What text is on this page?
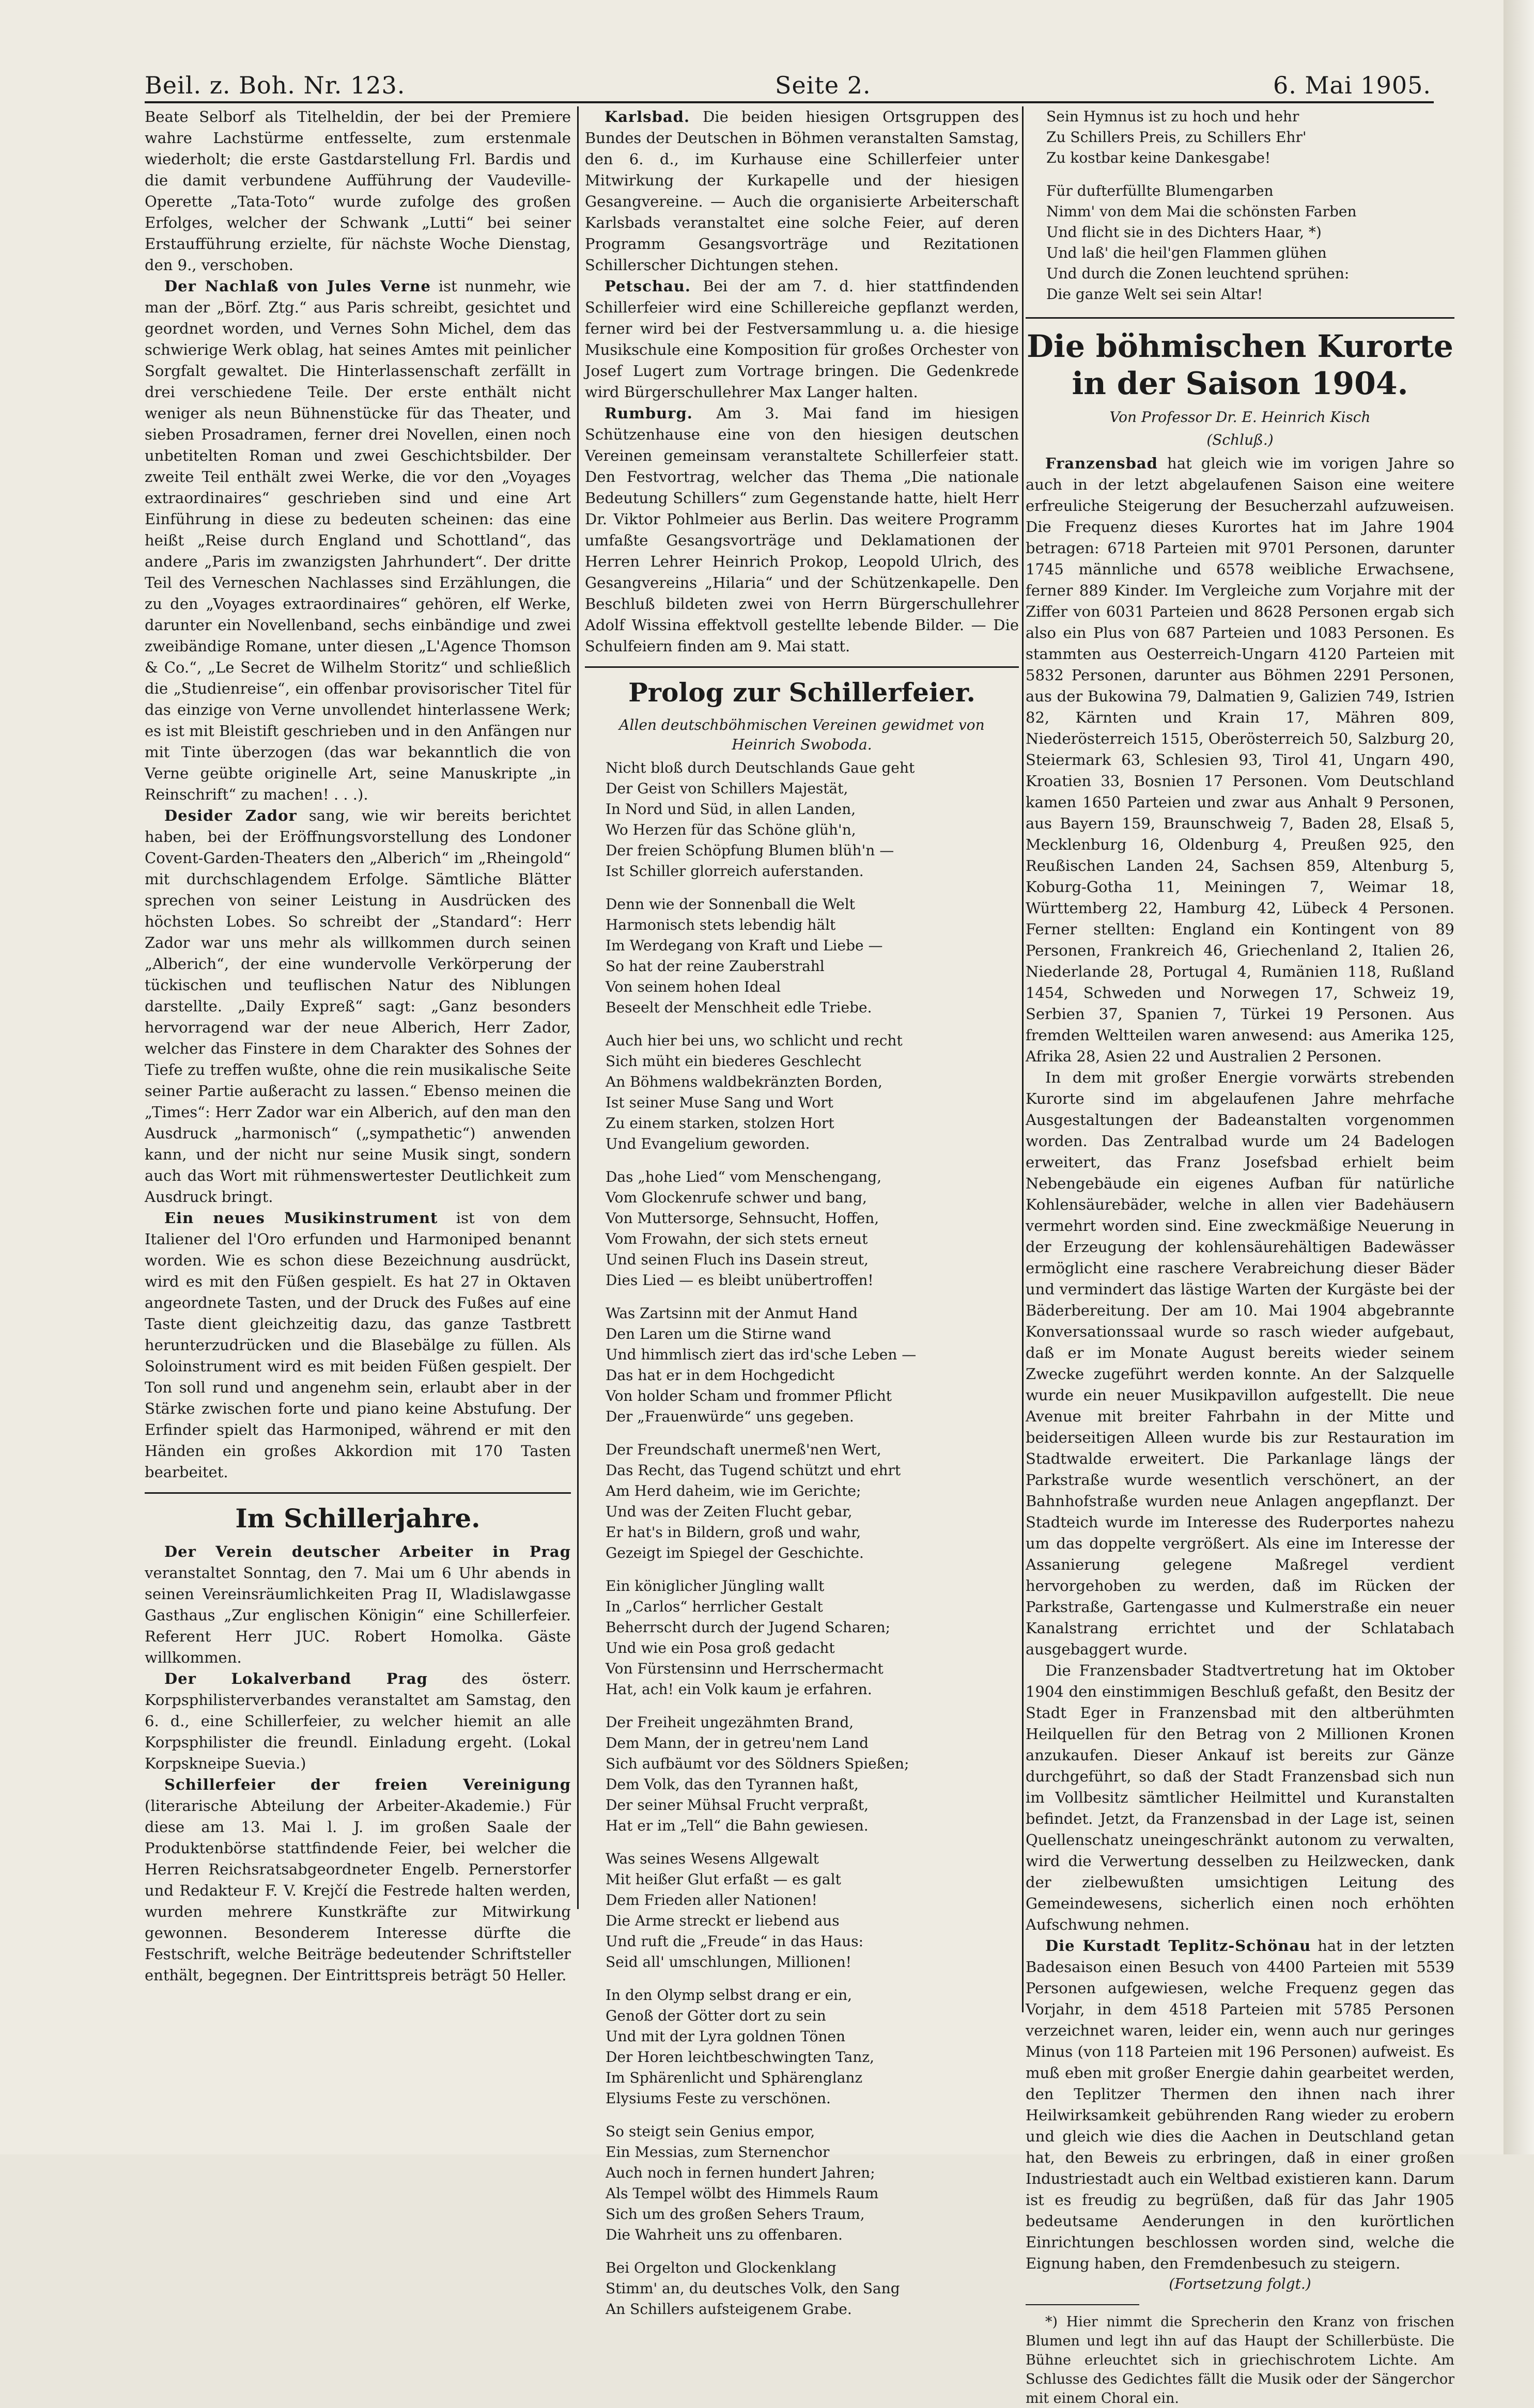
Beil. z. Boh. Nr. 123.	Seite 2.	6. Mai 1905.

Beate Selborf als Titelheldin, der bei der Premiere wahre Lachstürme entfesselte, zum erstenmale wiederholt; die erste Gastdarstellung Frl. Bardis und die damit verbundene Aufführung der Vaudeville-Operette „Tata-Toto“ wurde zufolge des großen Erfolges, welcher der Schwank „Lutti“ bei seiner Erstaufführung erzielte, für nächste Woche Dienstag, den 9., verschoben.

Der Nachlaß von Jules Verne ist nunmehr, wie man der „Börf. Ztg.“ aus Paris schreibt, gesichtet und geordnet worden, und Vernes Sohn Michel, dem das schwierige Werk oblag, hat seines Amtes mit peinlicher Sorgfalt gewaltet. Die Hinterlassenschaft zerfällt in drei verschiedene Teile. Der erste enthält nicht weniger als neun Bühnenstücke für das Theater, und sieben Prosadramen, ferner drei Novellen, einen noch unbetitelten Roman und zwei Geschichtsbilder. Der zweite Teil enthält zwei Werke, die vor den „Voyages extraordinaires“ geschrieben sind und eine Art Einführung in diese zu bedeuten scheinen: das eine heißt „Reise durch England und Schottland“, das andere „Paris im zwanzigsten Jahrhundert“. Der dritte Teil des Verneschen Nachlasses sind Erzählungen, die zu den „Voyages extraordinaires“ gehören, elf Werke, darunter ein Novellenband, sechs einbändige und zwei zweibändige Romane, unter diesen „L'Agence Thomson & Co.“, „Le Secret de Wilhelm Storitz“ und schließlich die „Studienreise“, ein offenbar provisorischer Titel für das einzige von Verne unvollendet hinterlassene Werk; es ist mit Bleistift geschrieben und in den Anfängen nur mit Tinte überzogen (das war bekanntlich die von Verne geübte originelle Art, seine Manuskripte „in Reinschrift“ zu machen! . . .).

Desider Zador sang, wie wir bereits berichtet haben, bei der Eröffnungsvorstellung des Londoner Covent-Garden-Theaters den „Alberich“ im „Rheingold“ mit durchschlagendem Erfolge. Sämtliche Blätter sprechen von seiner Leistung in Ausdrücken des höchsten Lobes. So schreibt der „Standard“: Herr Zador war uns mehr als willkommen durch seinen „Alberich“, der eine wundervolle Verkörperung der tückischen und teuflischen Natur des Niblungen darstellte. „Daily Expreß“ sagt: „Ganz besonders hervorragend war der neue Alberich, Herr Zador, welcher das Finstere in dem Charakter des Sohnes der Tiefe zu treffen wußte, ohne die rein musikalische Seite seiner Partie außeracht zu lassen.“ Ebenso meinen die „Times“: Herr Zador war ein Alberich, auf den man den Ausdruck „harmonisch“ („sympathetic“) anwenden kann, und der nicht nur seine Musik singt, sondern auch das Wort mit rühmenswertester Deutlichkeit zum Ausdruck bringt.

Ein neues Musikinstrument ist von dem Italiener del l'Oro erfunden und Harmoniped benannt worden. Wie es schon diese Bezeichnung ausdrückt, wird es mit den Füßen gespielt. Es hat 27 in Oktaven angeordnete Tasten, und der Druck des Fußes auf eine Taste dient gleichzeitig dazu, das ganze Tastbrett herunterzudrücken und die Blasebälge zu füllen. Als Soloinstrument wird es mit beiden Füßen gespielt. Der Ton soll rund und angenehm sein, erlaubt aber in der Stärke zwischen forte und piano keine Abstufung. Der Erfinder spielt das Harmoniped, während er mit den Händen ein großes Akkordion mit 170 Tasten bearbeitet.

Im Schillerjahre.

Der Verein deutscher Arbeiter in Prag veranstaltet Sonntag, den 7. Mai um 6 Uhr abends in seinen Vereinsräumlichkeiten Prag II, Wladislawgasse Gasthaus „Zur englischen Königin“ eine Schillerfeier. Referent Herr JUC. Robert Homolka. Gäste willkommen.

Der Lokalverband Prag des österr. Korpsphilisterverbandes veranstaltet am Samstag, den 6. d., eine Schillerfeier, zu welcher hiemit an alle Korpsphilister die freundl. Einladung ergeht. (Lokal Korpskneipe Suevia.)

Schillerfeier der freien Vereinigung (literarische Abteilung der Arbeiter-Akademie.) Für diese am 13. Mai l. J. im großen Saale der Produktenbörse stattfindende Feier, bei welcher die Herren Reichsratsabgeordneter Engelb. Pernerstorfer und Redakteur F. V. Krejčí die Festrede halten werden, wurden mehrere Kunstkräfte zur Mitwirkung gewonnen. Besonderem Interesse dürfte die Festschrift, welche Beiträge bedeutender Schriftsteller enthält, begegnen. Der Eintrittspreis beträgt 50 Heller.

Karlsbad. Die beiden hiesigen Ortsgruppen des Bundes der Deutschen in Böhmen veranstalten Samstag, den 6. d., im Kurhause eine Schillerfeier unter Mitwirkung der Kurkapelle und der hiesigen Gesangvereine. — Auch die organisierte Arbeiterschaft Karlsbads veranstaltet eine solche Feier, auf deren Programm Gesangsvorträge und Rezitationen Schillerscher Dichtungen stehen.

Petschau. Bei der am 7. d. hier stattfindenden Schillerfeier wird eine Schillereiche gepflanzt werden, ferner wird bei der Festversammlung u. a. die hiesige Musikschule eine Komposition für großes Orchester von Josef Lugert zum Vortrage bringen. Die Gedenkrede wird Bürgerschullehrer Max Langer halten.

Rumburg. Am 3. Mai fand im hiesigen Schützenhause eine von den hiesigen deutschen Vereinen gemeinsam veranstaltete Schillerfeier statt. Den Festvortrag, welcher das Thema „Die nationale Bedeutung Schillers“ zum Gegenstande hatte, hielt Herr Dr. Viktor Pohlmeier aus Berlin. Das weitere Programm umfaßte Gesangsvorträge und Deklamationen der Herren Lehrer Heinrich Prokop, Leopold Ulrich, des Gesangvereins „Hilaria“ und der Schützenkapelle. Den Beschluß bildeten zwei von Herrn Bürgerschullehrer Adolf Wissina effektvoll gestellte lebende Bilder. — Die Schulfeiern finden am 9. Mai statt.

Prolog zur Schillerfeier.
Allen deutschböhmischen Vereinen gewidmet von Heinrich Swoboda.
Nicht bloß durch Deutschlands Gaue geht
Der Geist von Schillers Majestät,
In Nord und Süd, in allen Landen,
Wo Herzen für das Schöne glüh'n,
Der freien Schöpfung Blumen blüh'n —
Ist Schiller glorreich auferstanden.
Denn wie der Sonnenball die Welt
Harmonisch stets lebendig hält
Im Werdegang von Kraft und Liebe —
So hat der reine Zauberstrahl
Von seinem hohen Ideal
Beseelt der Menschheit edle Triebe.
Auch hier bei uns, wo schlicht und recht
Sich müht ein biederes Geschlecht
An Böhmens waldbekränzten Borden,
Ist seiner Muse Sang und Wort
Zu einem starken, stolzen Hort
Und Evangelium geworden.
Das „hohe Lied“ vom Menschengang,
Vom Glockenrufe schwer und bang,
Von Muttersorge, Sehnsucht, Hoffen,
Vom Frowahn, der sich stets erneut
Und seinen Fluch ins Dasein streut,
Dies Lied — es bleibt unübertroffen!
Was Zartsinn mit der Anmut Hand
Den Laren um die Stirne wand
Und himmlisch ziert das ird'sche Leben —
Das hat er in dem Hochgedicht
Von holder Scham und frommer Pflicht
Der „Frauenwürde“ uns gegeben.
Der Freundschaft unermeß'nen Wert,
Das Recht, das Tugend schützt und ehrt
Am Herd daheim, wie im Gerichte;
Und was der Zeiten Flucht gebar,
Er hat's in Bildern, groß und wahr,
Gezeigt im Spiegel der Geschichte.
Ein königlicher Jüngling wallt
In „Carlos“ herrlicher Gestalt
Beherrscht durch der Jugend Scharen;
Und wie ein Posa groß gedacht
Von Fürstensinn und Herrschermacht
Hat, ach! ein Volk kaum je erfahren.
Der Freiheit ungezähmten Brand,
Dem Mann, der in getreu'nem Land
Sich aufbäumt vor des Söldners Spießen;
Dem Volk, das den Tyrannen haßt,
Der seiner Mühsal Frucht verpraßt,
Hat er im „Tell“ die Bahn gewiesen.
Was seines Wesens Allgewalt
Mit heißer Glut erfaßt — es galt
Dem Frieden aller Nationen!
Die Arme streckt er liebend aus
Und ruft die „Freude“ in das Haus:
Seid all' umschlungen, Millionen!
In den Olymp selbst drang er ein,
Genoß der Götter dort zu sein
Und mit der Lyra goldnen Tönen
Der Horen leichtbeschwingten Tanz,
Im Sphärenlicht und Sphärenglanz
Elysiums Feste zu verschönen.
So steigt sein Genius empor,
Ein Messias, zum Sternenchor
Auch noch in fernen hundert Jahren;
Als Tempel wölbt des Himmels Raum
Sich um des großen Sehers Traum,
Die Wahrheit uns zu offenbaren.
Bei Orgelton und Glockenklang
Stimm' an, du deutsches Volk, den Sang
An Schillers aufsteigenem Grabe.
Sein Hymnus ist zu hoch und hehr
Zu Schillers Preis, zu Schillers Ehr'
Zu kostbar keine Dankesgabe!
Für dufterfüllte Blumengarben
Nimm' von dem Mai die schönsten Farben
Und flicht sie in des Dichters Haar, *)
Und laß' die heil'gen Flammen glühen
Und durch die Zonen leuchtend sprühen:
Die ganze Welt sei sein Altar!
Die böhmischen Kurorte in der Saison 1904.
Von Professor Dr. E. Heinrich Kisch
(Schluß.)

Franzensbad hat gleich wie im vorigen Jahre so auch in der letzt abgelaufenen Saison eine weitere erfreuliche Steigerung der Besucherzahl aufzuweisen. Die Frequenz dieses Kurortes hat im Jahre 1904 betragen: 6718 Parteien mit 9701 Personen, darunter 1745 männliche und 6578 weibliche Erwachsene, ferner 889 Kinder. Im Vergleiche zum Vorjahre mit der Ziffer von 6031 Parteien und 8628 Personen ergab sich also ein Plus von 687 Parteien und 1083 Personen. Es stammten aus Oesterreich-Ungarn 4120 Parteien mit 5832 Personen, darunter aus Böhmen 2291 Personen, aus der Bukowina 79, Dalmatien 9, Galizien 749, Istrien 82, Kärnten und Krain 17, Mähren 809, Niederösterreich 1515, Oberösterreich 50, Salzburg 20, Steiermark 63, Schlesien 93, Tirol 41, Ungarn 490, Kroatien 33, Bosnien 17 Personen. Vom Deutschland kamen 1650 Parteien und zwar aus Anhalt 9 Personen, aus Bayern 159, Braunschweig 7, Baden 28, Elsaß 5, Mecklenburg 16, Oldenburg 4, Preußen 925, den Reußischen Landen 24, Sachsen 859, Altenburg 5, Koburg-Gotha 11, Meiningen 7, Weimar 18, Württemberg 22, Hamburg 42, Lübeck 4 Personen. Ferner stellten: England ein Kontingent von 89 Personen, Frankreich 46, Griechenland 2, Italien 26, Niederlande 28, Portugal 4, Rumänien 118, Rußland 1454, Schweden und Norwegen 17, Schweiz 19, Serbien 37, Spanien 7, Türkei 19 Personen. Aus fremden Weltteilen waren anwesend: aus Amerika 125, Afrika 28, Asien 22 und Australien 2 Personen.

In dem mit großer Energie vorwärts strebenden Kurorte sind im abgelaufenen Jahre mehrfache Ausgestaltungen der Badeanstalten vorgenommen worden. Das Zentralbad wurde um 24 Badelogen erweitert, das Franz Josefsbad erhielt beim Nebengebäude ein eigenes Aufban für natürliche Kohlensäurebäder, welche in allen vier Badehäusern vermehrt worden sind. Eine zweckmäßige Neuerung in der Erzeugung der kohlensäurehältigen Badewässer ermöglicht eine raschere Verabreichung dieser Bäder und vermindert das lästige Warten der Kurgäste bei der Bäderbereitung. Der am 10. Mai 1904 abgebrannte Konversationssaal wurde so rasch wieder aufgebaut, daß er im Monate August bereits wieder seinem Zwecke zugeführt werden konnte. An der Salzquelle wurde ein neuer Musikpavillon aufgestellt. Die neue Avenue mit breiter Fahrbahn in der Mitte und beiderseitigen Alleen wurde bis zur Restauration im Stadtwalde erweitert. Die Parkanlage längs der Parkstraße wurde wesentlich verschönert, an der Bahnhofstraße wurden neue Anlagen angepflanzt. Der Stadteich wurde im Interesse des Ruderportes nahezu um das doppelte vergrößert. Als eine im Interesse der Assanierung gelegene Maßregel verdient hervorgehoben zu werden, daß im Rücken der Parkstraße, Gartengasse und Kulmerstraße ein neuer Kanalstrang errichtet und der Schlatabach ausgebaggert wurde.

Die Franzensbader Stadtvertretung hat im Oktober 1904 den einstimmigen Beschluß gefaßt, den Besitz der Stadt Eger in Franzensbad mit den altberühmten Heilquellen für den Betrag von 2 Millionen Kronen anzukaufen. Dieser Ankauf ist bereits zur Gänze durchgeführt, so daß der Stadt Franzensbad sich nun im Vollbesitz sämtlicher Heilmittel und Kuranstalten befindet. Jetzt, da Franzensbad in der Lage ist, seinen Quellenschatz uneingeschränkt autonom zu verwalten, wird die Verwertung desselben zu Heilzwecken, dank der zielbewußten umsichtigen Leitung des Gemeindewesens, sicherlich einen noch erhöhten Aufschwung nehmen.

Die Kurstadt Teplitz-Schönau hat in der letzten Badesaison einen Besuch von 4400 Parteien mit 5539 Personen aufgewiesen, welche Frequenz gegen das Vorjahr, in dem 4518 Parteien mit 5785 Personen verzeichnet waren, leider ein, wenn auch nur geringes Minus (von 118 Parteien mit 196 Personen) aufweist. Es muß eben mit großer Energie dahin gearbeitet werden, den Teplitzer Thermen den ihnen nach ihrer Heilwirksamkeit gebührenden Rang wieder zu erobern und gleich wie dies die Aachen in Deutschland getan hat, den Beweis zu erbringen, daß in einer großen Industriestadt auch ein Weltbad existieren kann. Darum ist es freudig zu begrüßen, daß für das Jahr 1905 bedeutsame Aenderungen in den kurörtlichen Einrichtungen beschlossen worden sind, welche die Eignung haben, den Fremdenbesuch zu steigern.

(Fortsetzung folgt.)

*) Hier nimmt die Sprecherin den Kranz von frischen Blumen und legt ihn auf das Haupt der Schillerbüste. Die Bühne erleuchtet sich in griechischrotem Lichte. Am Schlusse des Gedichtes fällt die Musik oder der Sängerchor mit einem Choral ein.
